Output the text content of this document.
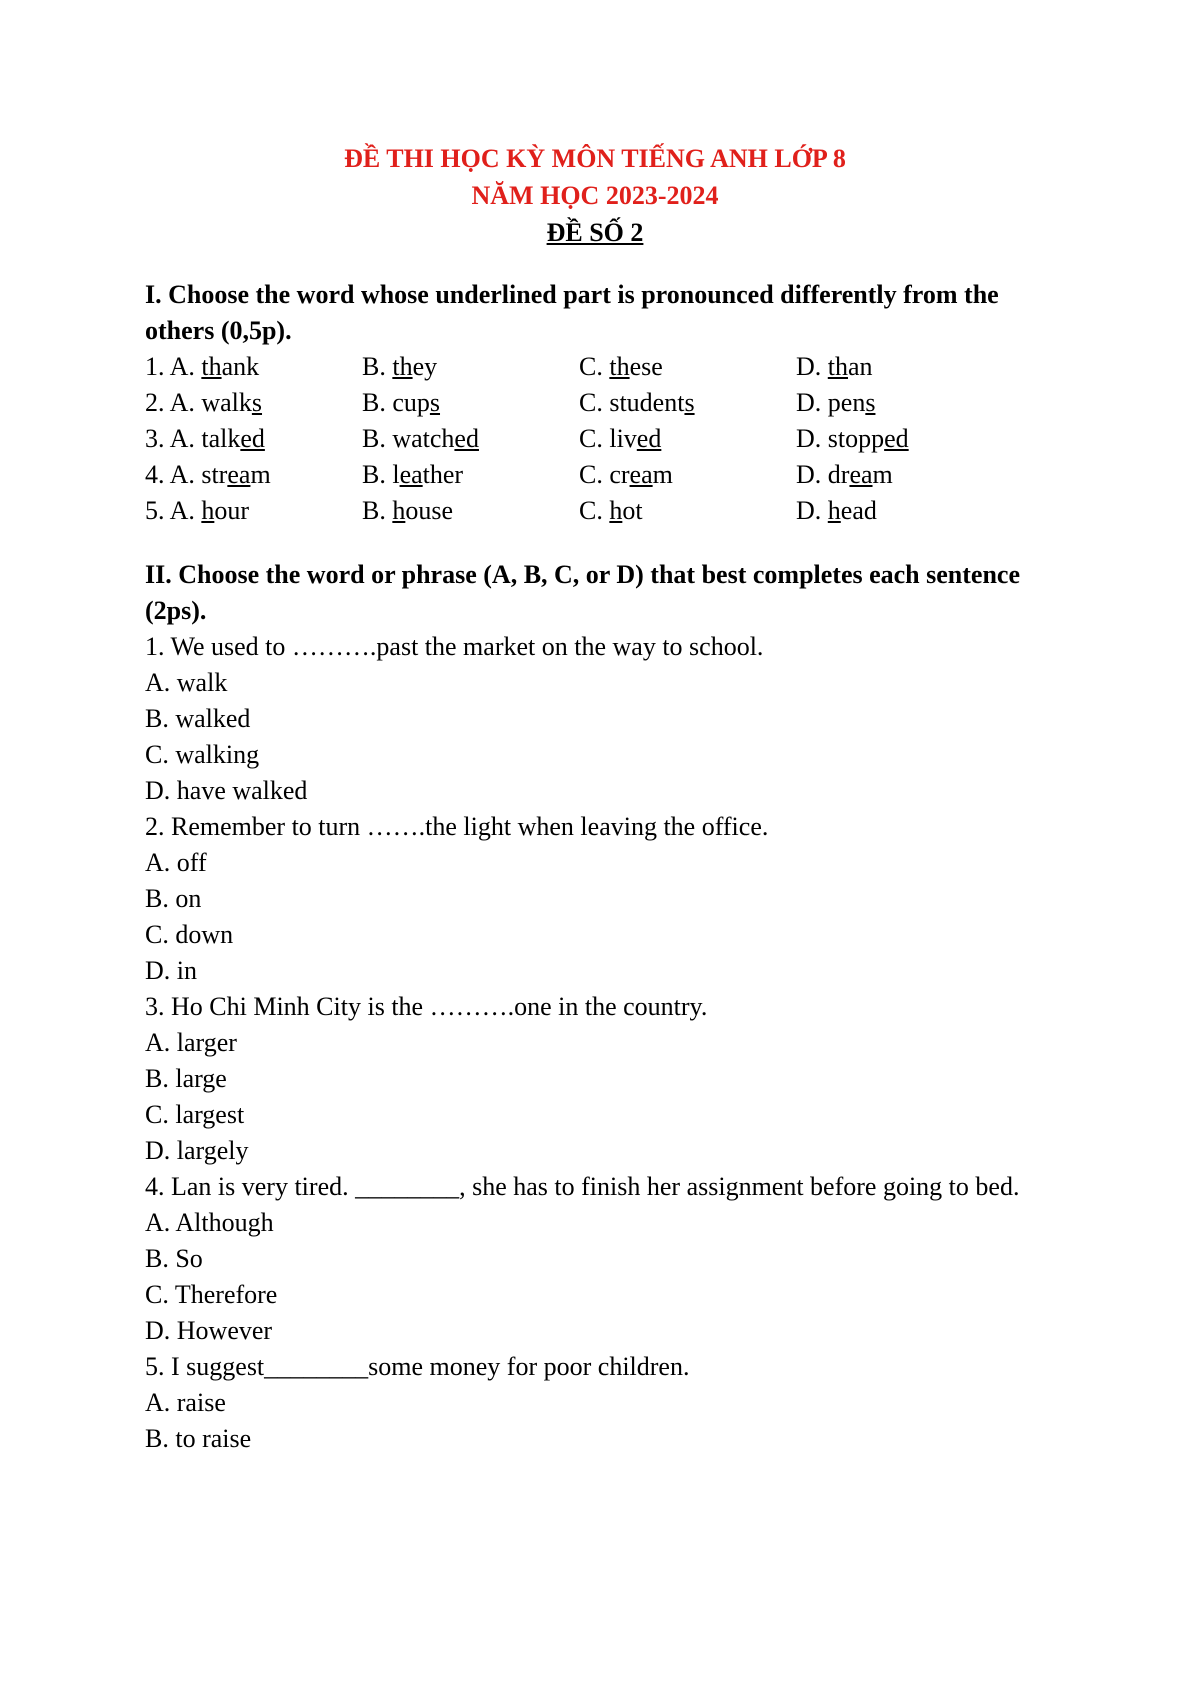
ĐỀ THI HỌC KỲ MÔN TIẾNG ANH LỚP 8
NĂM HỌC 2023-2024
ĐỀ SỐ 2
I. Choose the word whose underlined part is pronounced differently from the others (0,5p).
1. A. thank	B. they	C. these	D. than
2. A. walks	B. cups	C. students	D. pens
3. A. talked	B. watched	C. lived	D. stopped
4. A. stream	B. leather	C. cream	D. dream
5. A. hour	B. house	C. hot	D. head
II. Choose the word or phrase (A, B, C, or D) that best completes each sentence (2ps).
1. We used to ……….past the market on the way to school.
A. walk
B. walked
C. walking
D. have walked
2. Remember to turn …….the light when leaving the office.
A. off
B. on
C. down
D. in
3. Ho Chi Minh City is the ……….one in the country.
A. larger
B. large
C. largest
D. largely
4. Lan is very tired. ________, she has to finish her assignment before going to bed.
A. Although
B. So
C. Therefore
D. However
5. I suggest________some money for poor children.
A. raise
B. to raise
